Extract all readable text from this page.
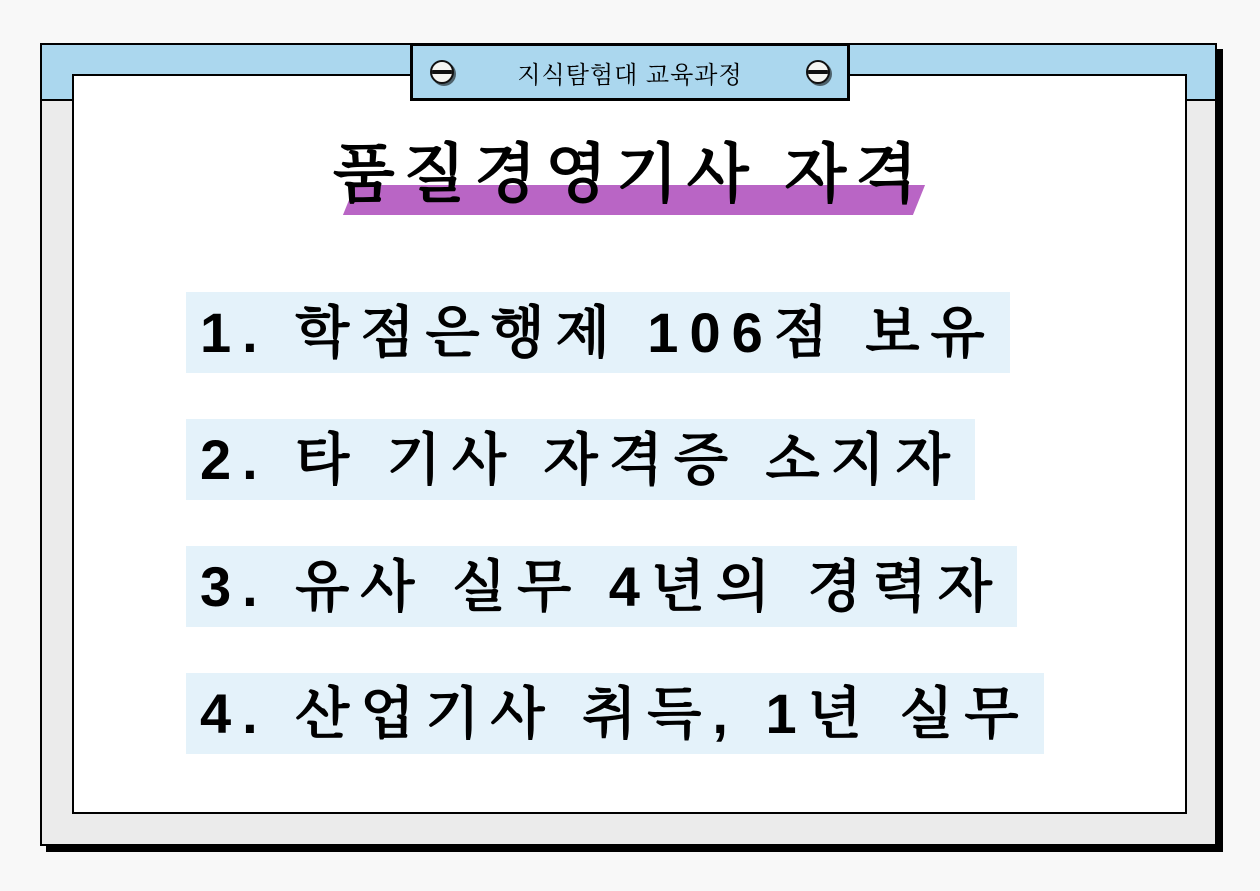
지식탐험대 교육과정
품질경영기사 자격
1. 학점은행제 106점 보유
2. 타 기사 자격증 소지자
3. 유사 실무 4년의 경력자
4. 산업기사 취득, 1년 실무
